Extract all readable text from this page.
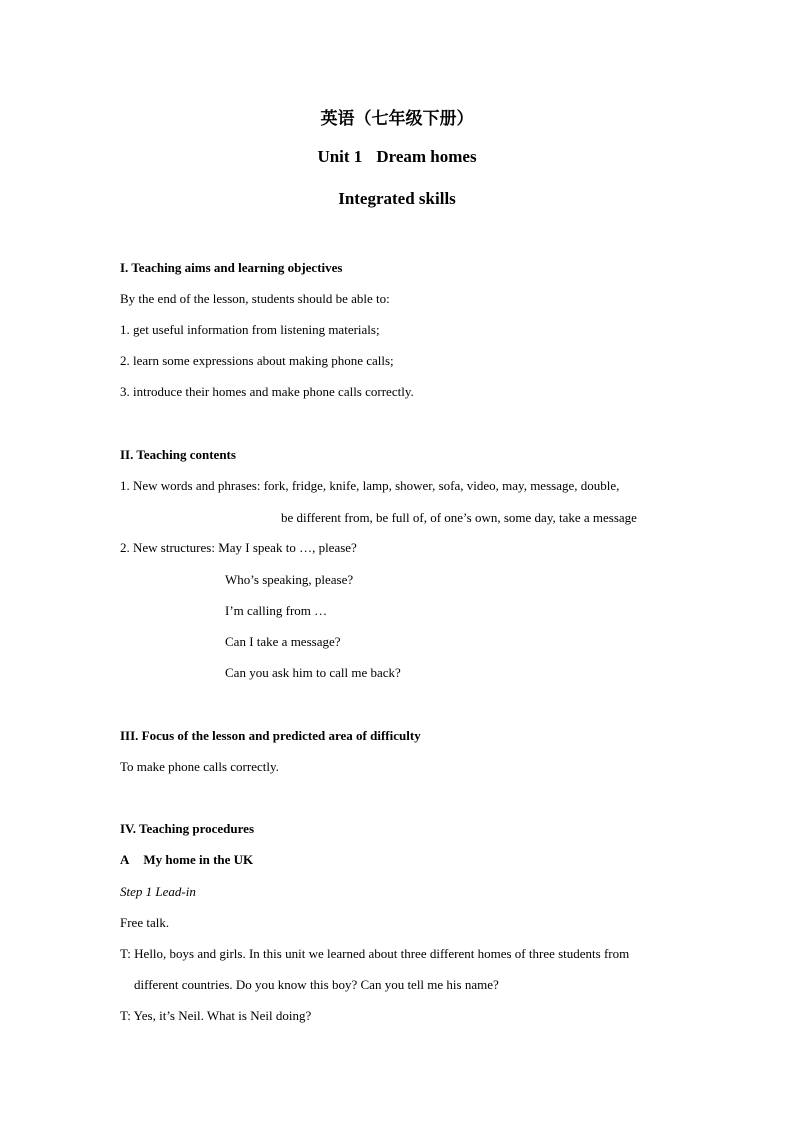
英语（七年级下册）
Unit 1 Dream homes
Integrated skills
I. Teaching aims and learning objectives
By the end of the lesson, students should be able to:
1. get useful information from listening materials;
2. learn some expressions about making phone calls;
3. introduce their homes and make phone calls correctly.
II. Teaching contents
1. New words and phrases: fork, fridge, knife, lamp, shower, sofa, video, may, message, double,
be different from, be full of, of one’s own, some day, take a message
2. New structures: May I speak to …, please?
Who’s speaking, please?
I’m calling from …
Can I take a message?
Can you ask him to call me back?
III. Focus of the lesson and predicted area of difficulty
To make phone calls correctly.
IV. Teaching procedures
A My home in the UK
Step 1 Lead-in
Free talk.
T: Hello, boys and girls. In this unit we learned about three different homes of three students from
different countries. Do you know this boy? Can you tell me his name?
T: Yes, it’s Neil. What is Neil doing?
